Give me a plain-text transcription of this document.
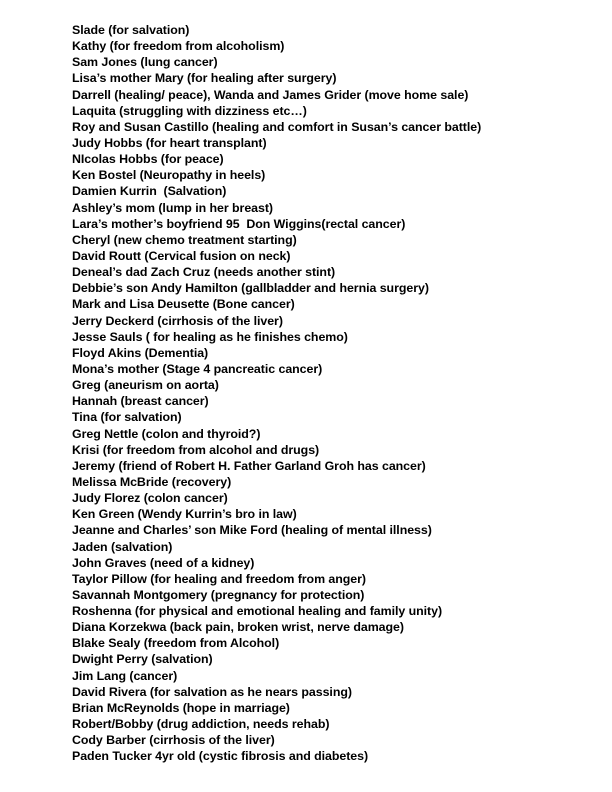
Slade (for salvation)
Kathy (for freedom from alcoholism)
Sam Jones (lung cancer)
Lisa’s mother Mary (for healing after surgery)
Darrell (healing/ peace), Wanda and James Grider (move home sale)
Laquita (struggling with dizziness etc…)
Roy and Susan Castillo (healing and comfort in Susan’s cancer battle)
Judy Hobbs (for heart transplant)
NIcolas Hobbs (for peace)
Ken Bostel (Neuropathy in heels)
Damien Kurrin  (Salvation)
Ashley’s mom (lump in her breast)
Lara’s mother’s boyfriend 95  Don Wiggins(rectal cancer)
Cheryl (new chemo treatment starting)
David Routt (Cervical fusion on neck)
Deneal’s dad Zach Cruz (needs another stint)
Debbie’s son Andy Hamilton (gallbladder and hernia surgery)
Mark and Lisa Deusette (Bone cancer)
Jerry Deckerd (cirrhosis of the liver)
Jesse Sauls ( for healing as he finishes chemo)
Floyd Akins (Dementia)
Mona’s mother (Stage 4 pancreatic cancer)
Greg (aneurism on aorta)
Hannah (breast cancer)
Tina (for salvation)
Greg Nettle (colon and thyroid?)
Krisi (for freedom from alcohol and drugs)
Jeremy (friend of Robert H. Father Garland Groh has cancer)
Melissa McBride (recovery)
Judy Florez (colon cancer)
Ken Green (Wendy Kurrin’s bro in law)
Jeanne and Charles’ son Mike Ford (healing of mental illness)
Jaden (salvation)
John Graves (need of a kidney)
Taylor Pillow (for healing and freedom from anger)
Savannah Montgomery (pregnancy for protection)
Roshenna (for physical and emotional healing and family unity)
Diana Korzekwa (back pain, broken wrist, nerve damage)
Blake Sealy (freedom from Alcohol)
Dwight Perry (salvation)
Jim Lang (cancer)
David Rivera (for salvation as he nears passing)
Brian McReynolds (hope in marriage)
Robert/Bobby (drug addiction, needs rehab)
Cody Barber (cirrhosis of the liver)
Paden Tucker 4yr old (cystic fibrosis and diabetes)
